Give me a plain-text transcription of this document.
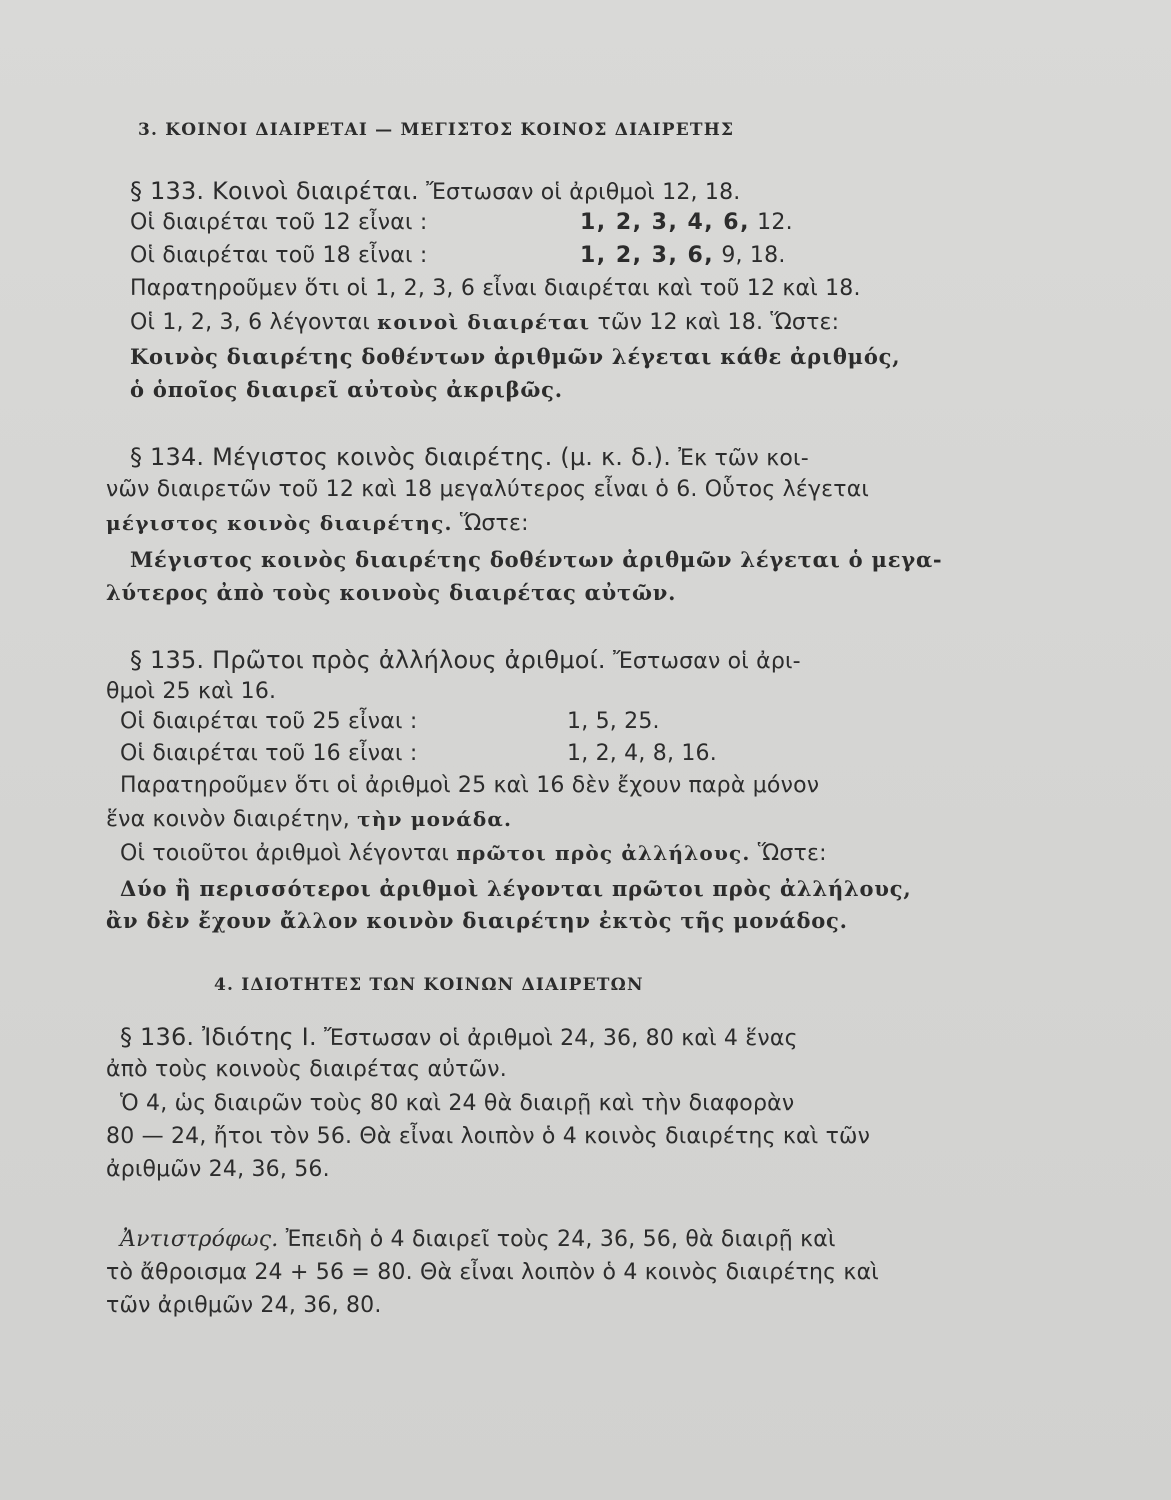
3. ΚΟΙΝΟΙ ΔΙΑΙΡΕΤΑΙ — ΜΕΓΙΣΤΟΣ ΚΟΙΝΟΣ ΔΙΑΙΡΕΤΗΣ
§ 133. Κοινοὶ διαιρέται. Ἔστωσαν οἱ ἀριθμοὶ 12, 18.
Οἱ διαιρέται τοῦ 12 εἶναι :	1, 2, 3, 4, 6, 12.
Οἱ διαιρέται τοῦ 18 εἶναι :	1, 2, 3, 6, 9, 18.
Παρατηροῦμεν ὅτι οἱ 1, 2, 3, 6 εἶναι διαιρέται καὶ τοῦ 12 καὶ 18.
Οἱ 1, 2, 3, 6 λέγονται κοινοὶ διαιρέται τῶν 12 καὶ 18. Ὥστε:
Κοινὸς διαιρέτης δοθέντων ἀριθμῶν λέγεται κάθε ἀριθμός,
ὁ ὁποῖος διαιρεῖ αὐτοὺς ἀκριβῶς.
§ 134. Μέγιστος κοινὸς διαιρέτης. (μ. κ. δ.). Ἐκ τῶν κοι-
νῶν διαιρετῶν τοῦ 12 καὶ 18 μεγαλύτερος εἶναι ὁ 6. Οὗτος λέγεται
μέγιστος κοινὸς διαιρέτης. Ὥστε:
Μέγιστος κοινὸς διαιρέτης δοθέντων ἀριθμῶν λέγεται ὁ μεγα-
λύτερος ἀπὸ τοὺς κοινοὺς διαιρέτας αὐτῶν.
§ 135. Πρῶτοι πρὸς ἀλλήλους ἀριθμοί. Ἔστωσαν οἱ ἀρι-
θμοὶ 25 καὶ 16.
Οἱ διαιρέται τοῦ 25 εἶναι :	1, 5, 25.
Οἱ διαιρέται τοῦ 16 εἶναι :	1, 2, 4, 8, 16.
Παρατηροῦμεν ὅτι οἱ ἀριθμοὶ 25 καὶ 16 δὲν ἔχουν παρὰ μόνον
ἕνα κοινὸν διαιρέτην, τὴν μονάδα.
Οἱ τοιοῦτοι ἀριθμοὶ λέγονται πρῶτοι πρὸς ἀλλήλους. Ὥστε:
Δύο ἢ περισσότεροι ἀριθμοὶ λέγονται πρῶτοι πρὸς ἀλλήλους,
ἂν δὲν ἔχουν ἄλλον κοινὸν διαιρέτην ἐκτὸς τῆς μονάδος.
4. ΙΔΙΟΤΗΤΕΣ ΤΩΝ ΚΟΙΝΩΝ ΔΙΑΙΡΕΤΩΝ
§ 136. Ἰδιότης Ι. Ἔστωσαν οἱ ἀριθμοὶ 24, 36, 80 καὶ 4 ἕνας
ἀπὸ τοὺς κοινοὺς διαιρέτας αὐτῶν.
Ὁ 4, ὡς διαιρῶν τοὺς 80 καὶ 24 θὰ διαιρῇ καὶ τὴν διαφορὰν
80 — 24, ἤτοι τὸν 56. Θὰ εἶναι λοιπὸν ὁ 4 κοινὸς διαιρέτης καὶ τῶν
ἀριθμῶν 24, 36, 56.
Ἀντιστρόφως. Ἐπειδὴ ὁ 4 διαιρεῖ τοὺς 24, 36, 56, θὰ διαιρῇ καὶ
τὸ ἄθροισμα 24 + 56 = 80. Θὰ εἶναι λοιπὸν ὁ 4 κοινὸς διαιρέτης καὶ
τῶν ἀριθμῶν 24, 36, 80.
